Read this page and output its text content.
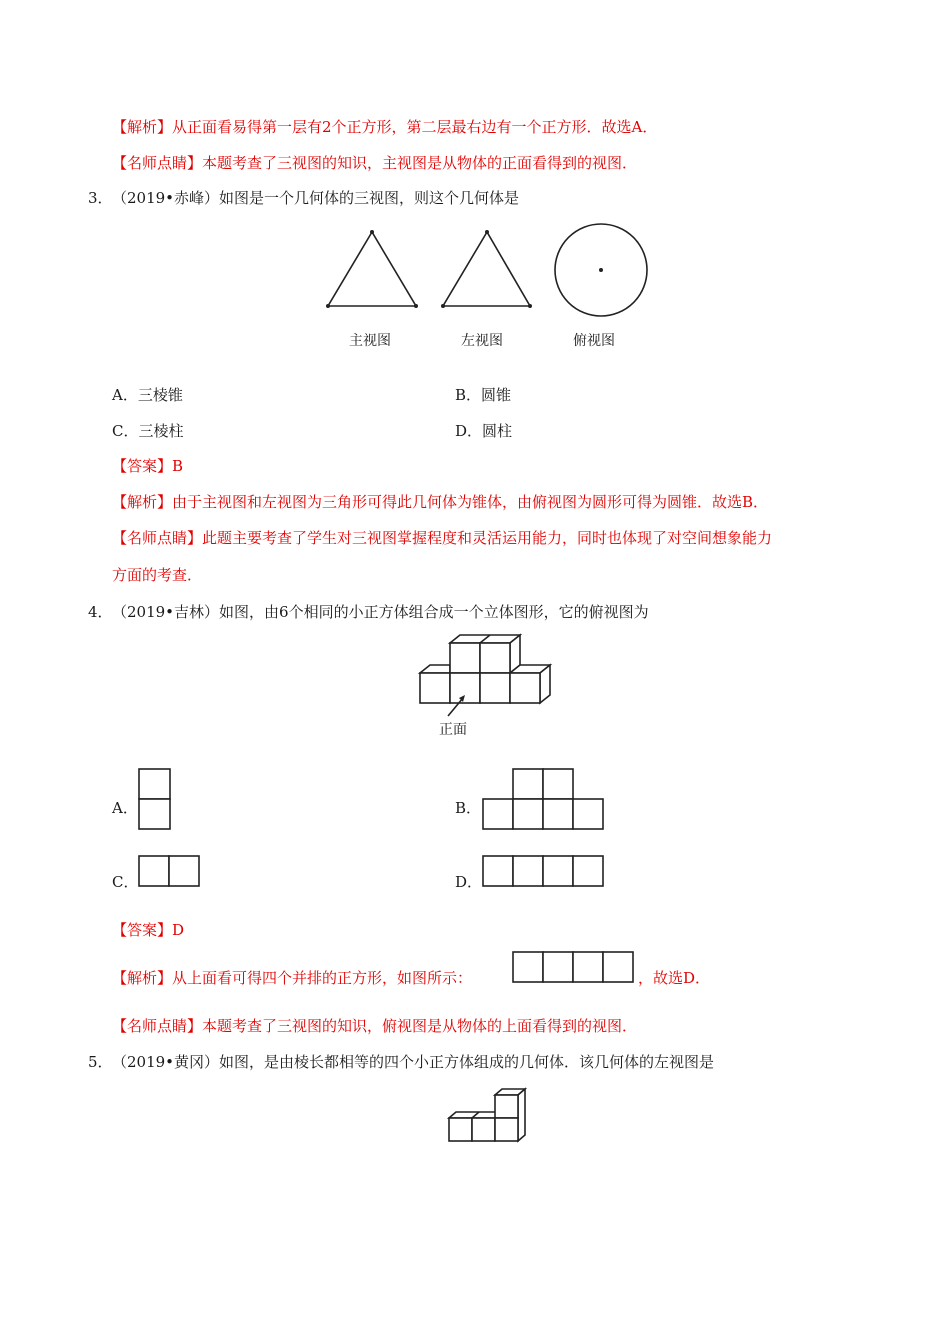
【解析】从正面看易得第一层有2个正方形，第二层最右边有一个正方形．故选A．
【名师点睛】本题考查了三视图的知识，主视图是从物体的正面看得到的视图．
3． （2019•赤峰）如图是一个几何体的三视图，则这个几何体是
主视图	左视图	俯视图
A．三棱锥	B．圆锥
C．三棱柱	D．圆柱
【答案】B
【解析】由于主视图和左视图为三角形可得此几何体为锥体，由俯视图为圆形可得为圆锥．故选B．
【名师点睛】此题主要考查了学生对三视图掌握程度和灵活运用能力，同时也体现了对空间想象能力
方面的考查．
4． （2019•吉林）如图，由6个相同的小正方体组合成一个立体图形，它的俯视图为
正面
A．	B．
C．	D．
【答案】D
【解析】从上面看可得四个并排的正方形，如图所示：	，故选D．
【名师点睛】本题考查了三视图的知识，俯视图是从物体的上面看得到的视图．
5． （2019•黄冈）如图，是由棱长都相等的四个小正方体组成的几何体．该几何体的左视图是
